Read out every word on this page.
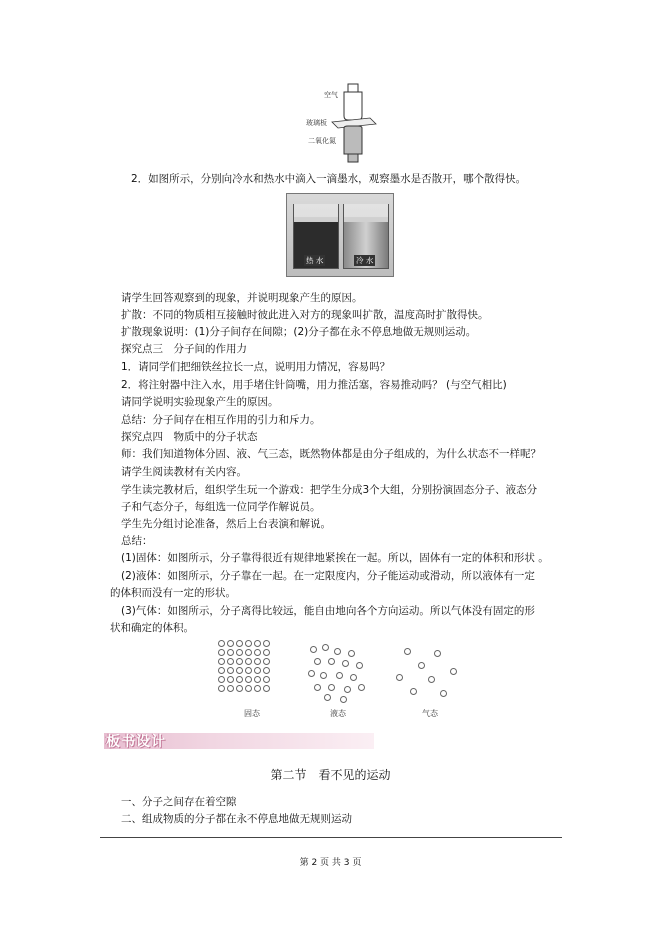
空气
玻璃板
二氧化氮
2．如图所示，分别向冷水和热水中滴入一滴墨水，观察墨水是否散开，哪个散得快。
热 水	冷 水
请学生回答观察到的现象，并说明现象产生的原因。
扩散：不同的物质相互接触时彼此进入对方的现象叫扩散，温度高时扩散得快。
扩散现象说明：(1)分子间存在间隙；(2)分子都在永不停息地做无规则运动。
探究点三　分子间的作用力
1．请同学们把细铁丝拉长一点，说明用力情况，容易吗？
2．将注射器中注入水，用手堵住针筒嘴，用力推活塞，容易推动吗？ (与空气相比)
请同学说明实验现象产生的原因。
总结：分子间存在相互作用的引力和斥力。
探究点四　物质中的分子状态
师：我们知道物体分固、液、气三态，既然物体都是由分子组成的，为什么状态不一样呢？
请学生阅读教材有关内容。
学生读完教材后，组织学生玩一个游戏：把学生分成3个大组，分别扮演固态分子、液态分
子和气态分子，每组选一位同学作解说员。
学生先分组讨论准备，然后上台表演和解说。
总结：
(1)固体：如图所示，分子靠得很近有规律地紧挨在一起。所以，固体有一定的体积和形状 。
(2)液体：如图所示，分子靠在一起。在一定限度内，分子能运动或滑动，所以液体有一定
的体积而没有一定的形状。
(3)气体：如图所示，分子离得比较远，能自由地向各个方向运动。所以气体没有固定的形
状和确定的体积。
固态	液态	气态
板书设计
第二节　看不见的运动
一、分子之间存在着空隙
二、组成物质的分子都在永不停息地做无规则运动
第 2 页 共 3 页
